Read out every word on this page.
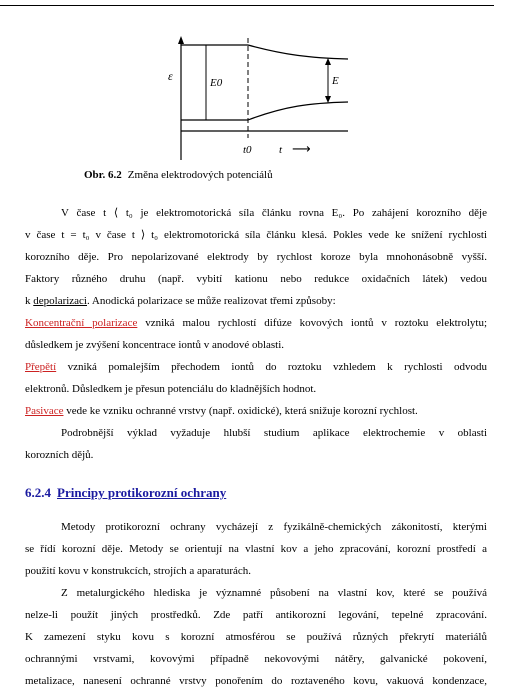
ε	E0	E
t0 t ⟶
Obr. 6.2 Změna elektrodových potenciálů
V čase t ⟨ t₀ je elektromotorická síla článku rovna E₀. Po zahájení korozního děje
v čase t = t₀ v čase t ⟩ t₀ elektromotorická síla článku klesá. Pokles vede ke snížení rychlosti
korozního děje. Pro nepolarizované elektrody by rychlost koroze byla mnohonásobně vyšší.
Faktory různého druhu (např. vybití kationu nebo redukce oxidačních látek) vedou
k depolarizaci. Anodická polarizace se může realizovat třemi způsoby:
Koncentrační polarizace vzniká malou rychlostí difúze kovových iontů v roztoku elektrolytu;
důsledkem je zvýšení koncentrace iontů v anodové oblasti.
Přepětí vzniká pomalejším přechodem iontů do roztoku vzhledem k rychlosti odvodu
elektronů. Důsledkem je přesun potenciálu do kladnějších hodnot.
Pasivace vede ke vzniku ochranné vrstvy (např. oxidické), která snižuje korozní rychlost.
Podrobnější výklad vyžaduje hlubší studium aplikace elektrochemie v oblasti
korozních dějů.
6.2.4 Principy protikorozní ochrany
Metody protikorozní ochrany vycházejí z fyzikálně-chemických zákonitostí, kterými
se řídí korozní děje. Metody se orientují na vlastní kov a jeho zpracování, korozní prostředí a
použití kovu v konstrukcích, strojích a aparaturách.
Z metalurgického hlediska je významné působení na vlastní kov, které se používá
nelze-li použít jiných prostředků. Zde patří antikorozní legování, tepelné zpracování.
K zamezení styku kovu s korozní atmosférou se používá různých překrytí materiálů
ochrannými vrstvami, kovovými případně nekovovými nátěry, galvanické pokovení,
metalizace, nanesení ochranné vrstvy ponořením do roztaveného kovu, vakuová kondenzace,
